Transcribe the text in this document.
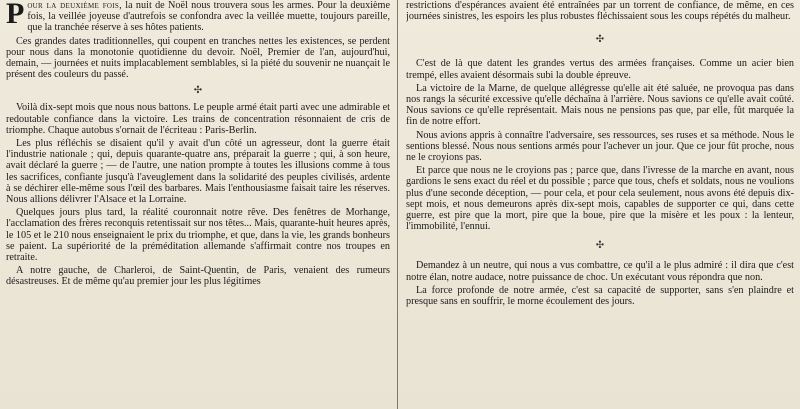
Pour la deuxième fois, la nuit de Noël nous trouvera sous les armes. Pour la deuxième fois, la veillée joyeuse d'autrefois se confondra avec la veillée muette, toujours pareille, que la tranchée réserve à ses hôtes patients.

Ces grandes dates traditionnelles, qui coupent en tranches nettes les existences, se perdent pour nous dans la monotonie quotidienne du devoir. Noël, Premier de l'an, aujourd'hui, demain, — journées et nuits implacablement semblables, si la piété du souvenir ne nuançait le présent des couleurs du passé.

✣

Voilà dix-sept mois que nous nous battons. Le peuple armé était parti avec une admirable et redoutable confiance dans la victoire. Les trains de concentration résonnaient de cris de triomphe. Chaque autobus s'ornait de l'écriteau : Paris-Berlin.

Les plus réfléchis se disaient qu'il y avait d'un côté un agresseur, dont la guerre était l'industrie nationale ; qui, depuis quarante-quatre ans, préparait la guerre ; qui, à son heure, avait déclaré la guerre ; — de l'autre, une nation prompte à toutes les illusions comme à tous les sacrifices, confiante jusqu'à l'aveuglement dans la solidarité des peuples civilisés, ardente à se déchirer elle-même sous l'œil des barbares. Mais l'enthousiasme faisait taire les réserves. Nous allions délivrer l'Alsace et la Lorraine.

Quelques jours plus tard, la réalité couronnait notre rêve. Des fenêtres de Morhange, l'acclamation des frères reconquis retentissait sur nos têtes... Mais, quarante-huit heures après, le 105 et le 210 nous enseignaient le prix du triomphe, et que, dans la vie, les grands bonheurs se paient. La supériorité de la préméditation allemande s'affirmait contre nos troupes en retraite.

A notre gauche, de Charleroi, de Saint-Quentin, de Paris, venaient des rumeurs désastreuses. Et de même qu'au premier jour les plus légitimes

restrictions d'espérances avaient été entraînées par un torrent de confiance, de même, en ces journées sinistres, les espoirs les plus robustes fléchissaient sous les coups répétés du malheur.

✣

C'est de là que datent les grandes vertus des armées françaises. Comme un acier bien trempé, elles avaient désormais subi la double épreuve.

La victoire de la Marne, de quelque allégresse qu'elle ait été saluée, ne provoqua pas dans nos rangs la sécurité excessive qu'elle déchaîna à l'arrière. Nous savions ce qu'elle avait coûté. Nous savions ce qu'elle représentait. Mais nous ne pensions pas que, par elle, fût marquée la fin de notre effort.

Nous avions appris à connaître l'adversaire, ses ressources, ses ruses et sa méthode. Nous le sentions blessé. Nous nous sentions armés pour l'achever un jour. Que ce jour fût proche, nous ne le croyions pas.

Et parce que nous ne le croyions pas ; parce que, dans l'ivresse de la marche en avant, nous gardions le sens exact du réel et du possible ; parce que tous, chefs et soldats, nous ne voulions plus d'une seconde déception, — pour cela, et pour cela seulement, nous avons été depuis dix-sept mois, et nous demeurons après dix-sept mois, capables de supporter ce qui, dans cette guerre, est pire que la mort, pire que la boue, pire que la misère et les poux : la lenteur, l'immobilité, l'ennui.

✣

Demandez à un neutre, qui nous a vus combattre, ce qu'il a le plus admiré : il dira que c'est notre élan, notre audace, notre puissance de choc. Un exécutant vous répondra que non.

La force profonde de notre armée, c'est sa capacité de supporter, sans s'en plaindre et presque sans en souffrir, le morne écoulement des jours.
